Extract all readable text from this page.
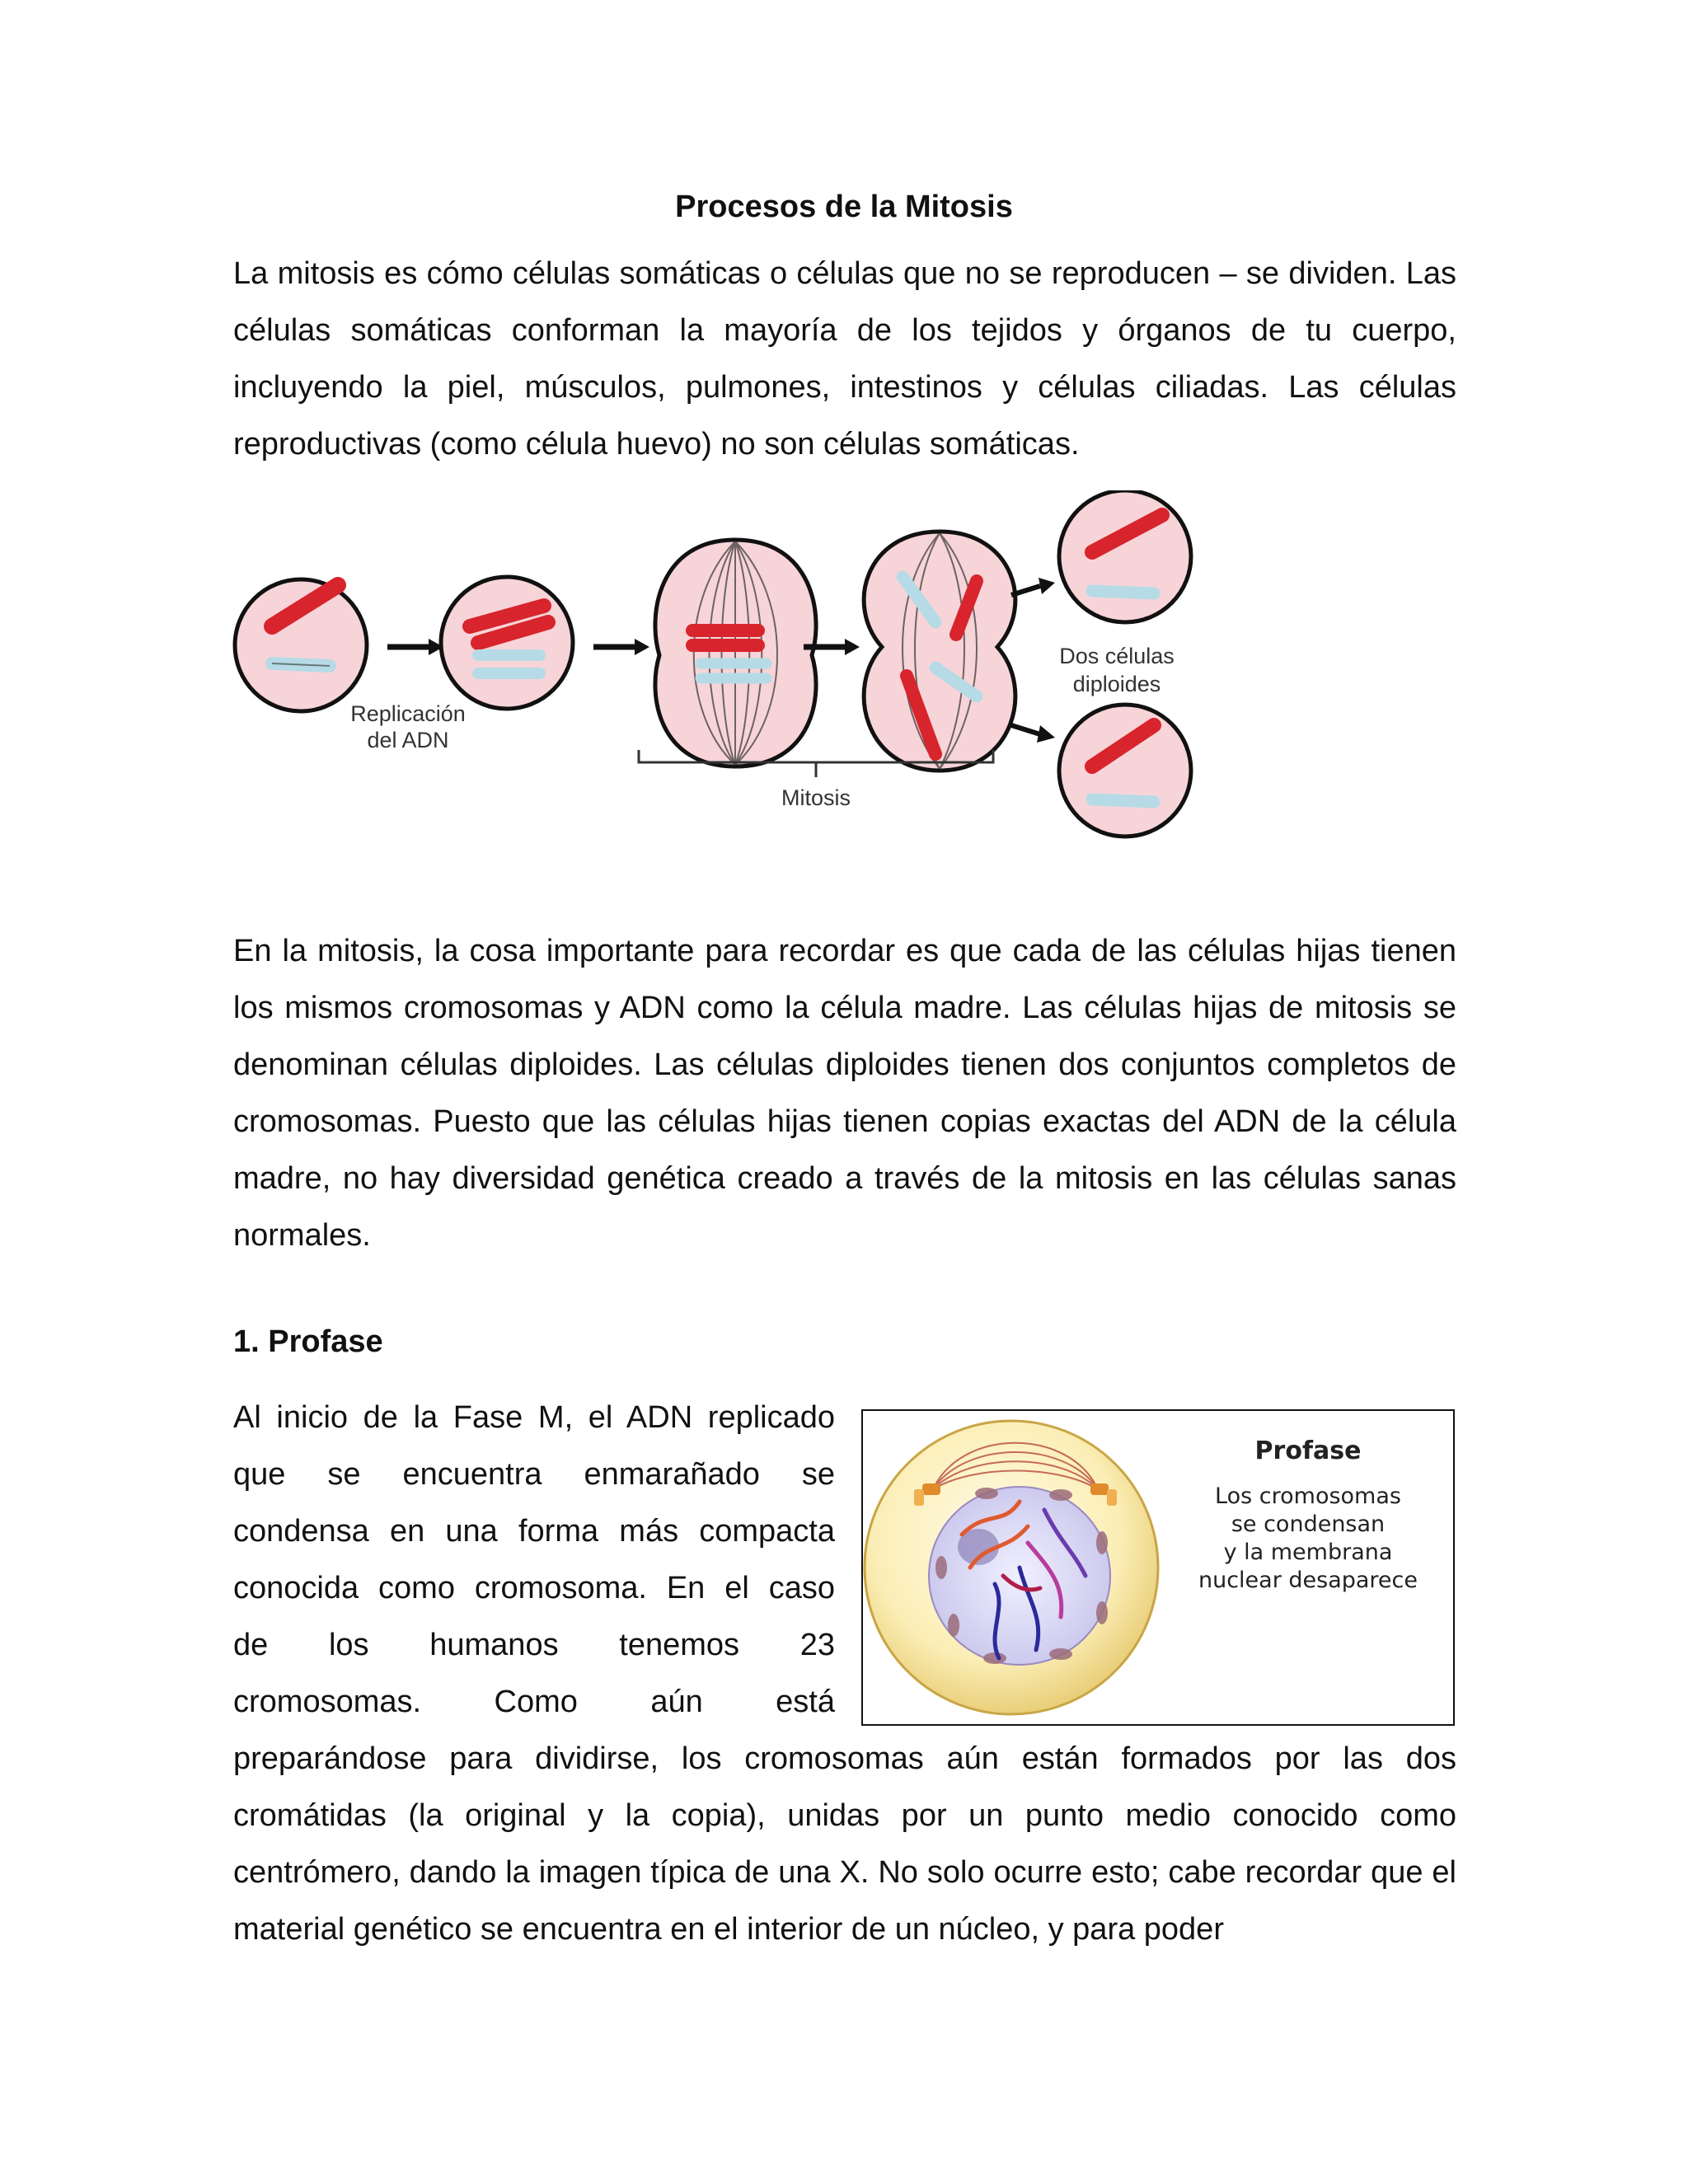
Procesos de la Mitosis
La mitosis es cómo células somáticas o células que no se reproducen – se dividen. Las células somáticas conforman la mayoría de los tejidos y órganos de tu cuerpo, incluyendo la piel, músculos, pulmones, intestinos y células ciliadas. Las células reproductivas (como célula huevo) no son células somáticas.
Replicación
del ADN
Mitosis
Dos células
diploides
En la mitosis, la cosa importante para recordar es que cada de las células hijas tienen los mismos cromosomas y ADN como la célula madre. Las células hijas de mitosis se denominan células diploides. Las células diploides tienen dos conjuntos completos de cromosomas. Puesto que las células hijas tienen copias exactas del ADN de la célula madre, no hay diversidad genética creado a través de la mitosis en las células sanas normales.
1. Profase
Al inicio de la Fase M, el ADN replicado
que se encuentra enmarañado se
condensa en una forma más compacta
conocida como cromosoma. En el caso
de los humanos tenemos 23
cromosomas. Como aún está
Profase
Los cromosomas
se condensan
y la membrana
nuclear desaparece
preparándose para dividirse, los cromosomas aún están formados por las dos cromátidas (la original y la copia), unidas por un punto medio conocido como centrómero, dando la imagen típica de una X. No solo ocurre esto; cabe recordar que el material genético se encuentra en el interior de un núcleo, y para poder
